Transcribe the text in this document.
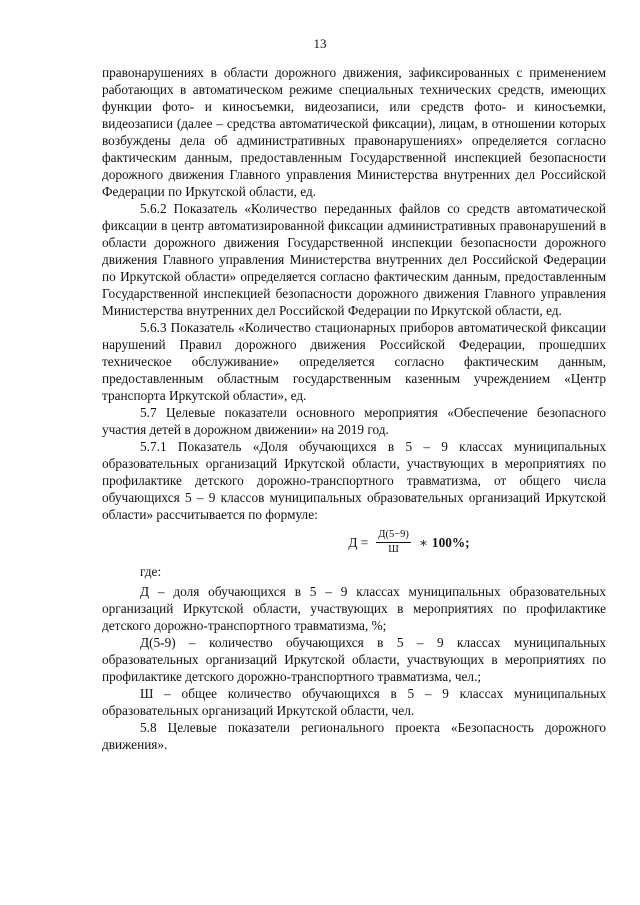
13

правонарушениях в области дорожного движения, зафиксированных с применением работающих в автоматическом режиме специальных технических средств, имеющих функции фото- и киносъемки, видеозаписи, или средств фото- и киносъемки, видеозаписи (далее – средства автоматической фиксации), лицам, в отношении которых возбуждены дела об административных правонарушениях» определяется согласно фактическим данным, предоставленным Государственной инспекцией безопасности дорожного движения Главного управления Министерства внутренних дел Российской Федерации по Иркутской области, ед.

5.6.2 Показатель «Количество переданных файлов со средств автоматической фиксации в центр автоматизированной фиксации административных правонарушений в области дорожного движения Государственной инспекции безопасности дорожного движения Главного управления Министерства внутренних дел Российской Федерации по Иркутской области» определяется согласно фактическим данным, предоставленным Государственной инспекцией безопасности дорожного движения Главного управления Министерства внутренних дел Российской Федерации по Иркутской области, ед.

5.6.3 Показатель «Количество стационарных приборов автоматической фиксации нарушений Правил дорожного движения Российской Федерации, прошедших техническое обслуживание» определяется согласно фактическим данным, предоставленным областным государственным казенным учреждением «Центр транспорта Иркутской области», ед.

5.7 Целевые показатели основного мероприятия «Обеспечение безопасного участия детей в дорожном движении» на 2019 год.

5.7.1 Показатель «Доля обучающихся в 5 – 9 классах муниципальных образовательных организаций Иркутской области, участвующих в мероприятиях по профилактике детского дорожно-транспортного травматизма, от общего числа обучающихся 5 – 9 классов муниципальных образовательных организаций Иркутской области» рассчитывается по формуле:

$Д = \frac{Д(5-9)}{Ш}$ ∗ 100%;

где:

Д – доля обучающихся в 5 – 9 классах муниципальных образовательных организаций Иркутской области, участвующих в мероприятиях по профилактике детского дорожно-транспортного травматизма, %;

Д(5-9) – количество обучающихся в 5 – 9 классах муниципальных образовательных организаций Иркутской области, участвующих в мероприятиях по профилактике детского дорожно-транспортного травматизма, чел.;

Ш – общее количество обучающихся в 5 – 9 классах муниципальных образовательных организаций Иркутской области, чел.

5.8 Целевые показатели регионального проекта «Безопасность дорожного движения».
